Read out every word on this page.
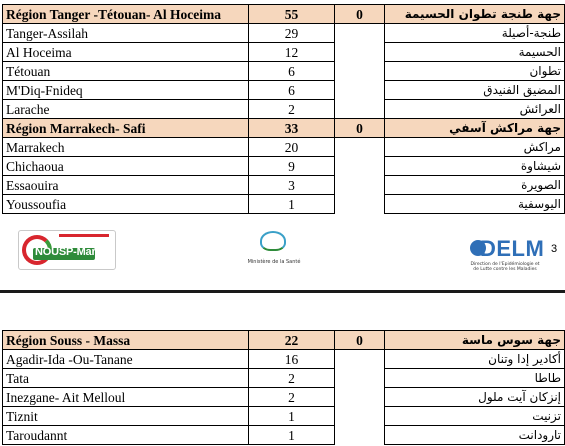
Région Tanger -Tétouan- Al Hoceima	55	0	جهة طنجة تطوان الحسيمة
Tanger-Assilah	29		طنجة-أصيلة
Al Hoceima	12		الحسيمة
Tétouan	6		تطوان
M'Diq-Fnideq	6		المضيق الفنيدق
Larache	2		العرائش
Région Marrakech- Safi	33	0	جهة مراكش آسفي
Marrakech	20		مراكش
Chichaoua	9		شيشاوة
Essaouira	3		الصويرة
Youssoufia	1		اليوسفية
NOUSP-Maroc
Ministère de la Santé
DELM
Direction de l'Epidémiologie et de Lutte contre les Maladies
3
Région Souss - Massa	22	0	جهة سوس ماسة
Agadir-Ida -Ou-Tanane	16		أكادير إدا وتنان
Tata	2		طاطا
Inezgane- Ait Melloul	2		إنزكان آيت ملول
Tiznit	1		تزنيت
Taroudannt	1		تارودانت
